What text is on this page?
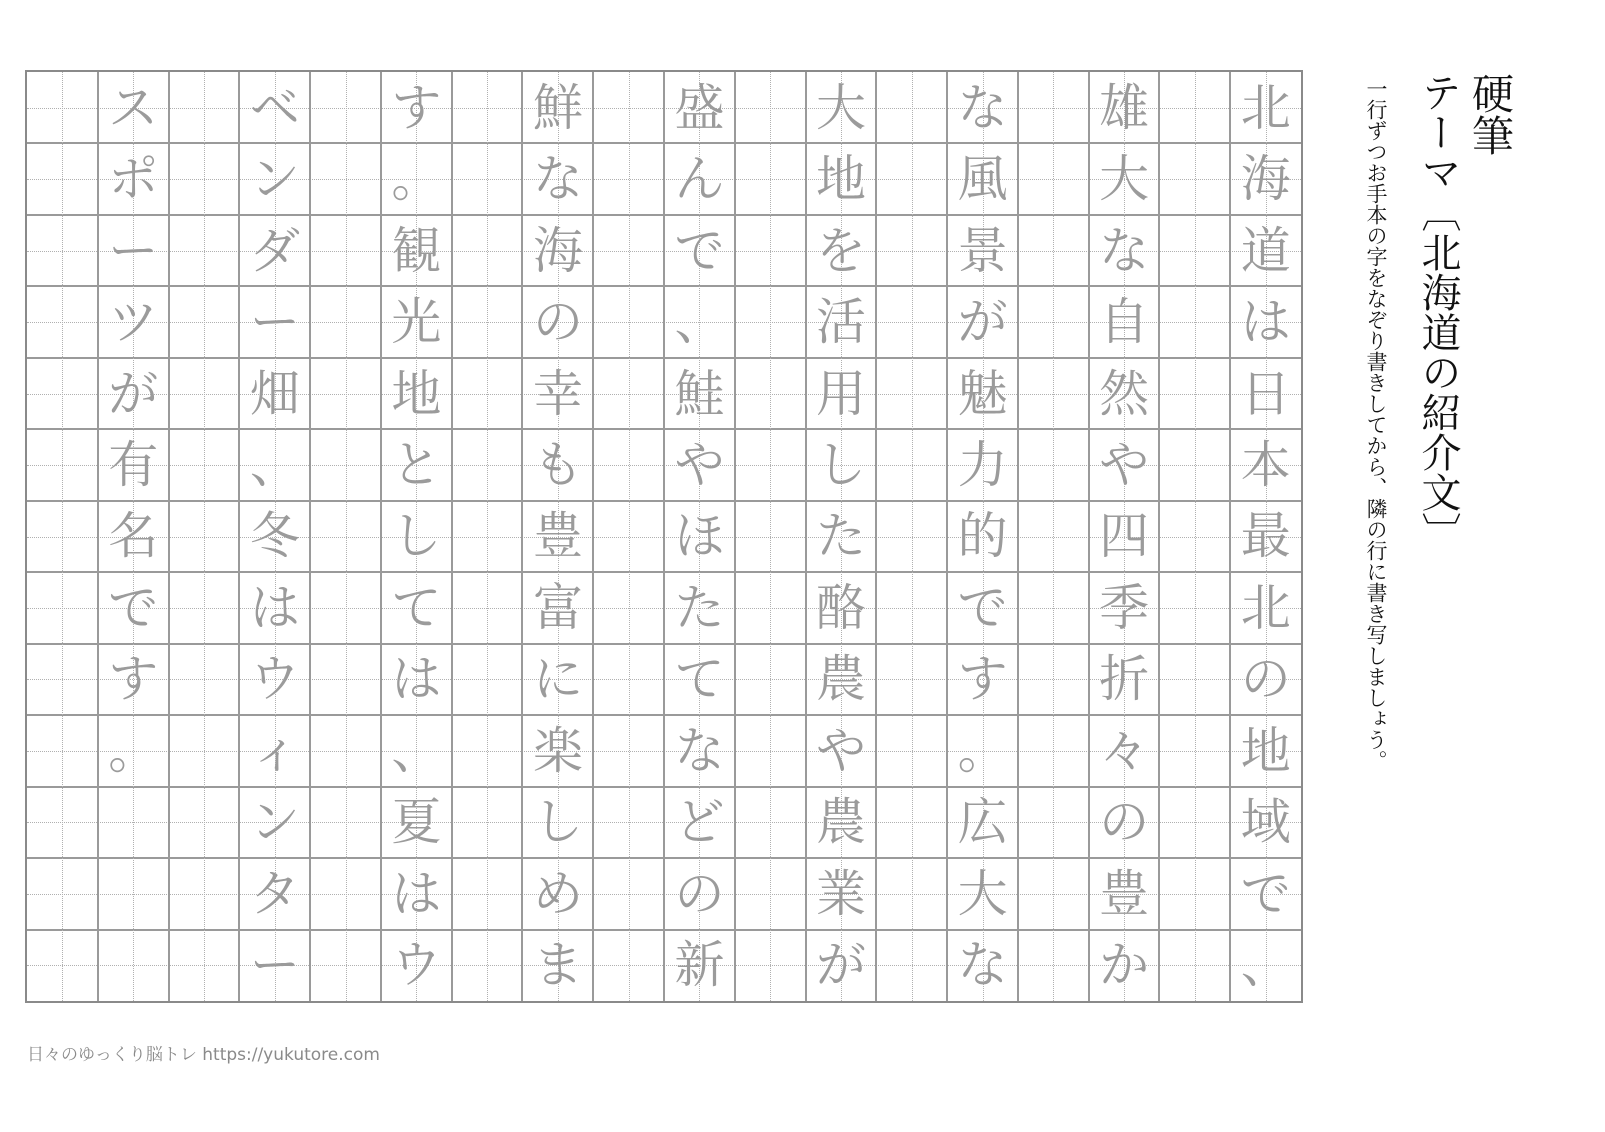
硬筆
テーマ〔北海道の紹介文〕
一行ずつお手本の字をなぞり書きしてから、隣の行に書き写しましょう。
北
海
道
は
日
本
最
北
の
地
域
で
、
雄
大
な
自
然
や
四
季
折
々
の
豊
か
な
風
景
が
魅
力
的
で
す
。
広
大
な
大
地
を
活
用
し
た
酪
農
や
農
業
が
盛
ん
で
、
鮭
や
ほ
た
て
な
ど
の
新
鮮
な
海
の
幸
も
豊
富
に
楽
し
め
ま
す
。
観
光
地
と
し
て
は
、
夏
は
ウ
ベ
ン
ダ
ー
畑
、
冬
は
ウ
ィ
ン
タ
ー
ス
ポ
ー
ツ
が
有
名
で
す
。
日々のゆっくり脳トレ https://yukutore.com
